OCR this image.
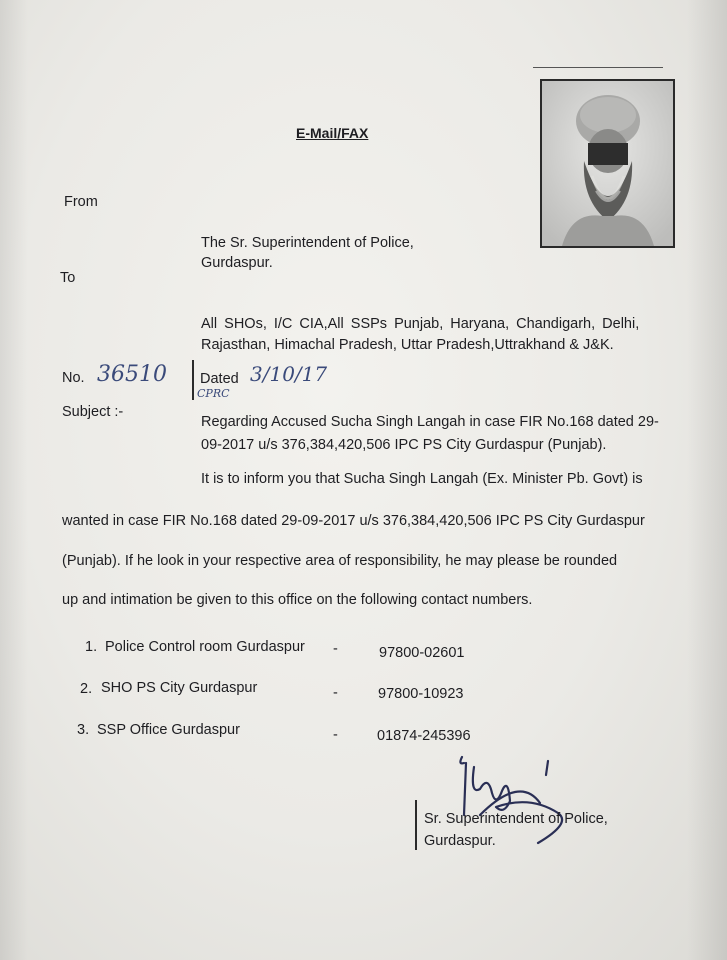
E-Mail/FAX
From
The Sr. Superintendent of Police,
Gurdaspur.
To
All SHOs, I/C CIA,All SSPs Punjab, Haryana, Chandigarh, Delhi,
Rajasthan, Himachal Pradesh, Uttar Pradesh,Uttrakhand & J&K.
No. 36510 Dated 3/10/17
CPRC
Subject :-
Regarding Accused Sucha Singh Langah in case FIR No.168 dated 29-
09-2017 u/s 376,384,420,506 IPC PS City Gurdaspur (Punjab).
It is to inform you that Sucha Singh Langah (Ex. Minister Pb. Govt) is
wanted in case FIR No.168 dated 29-09-2017 u/s 376,384,420,506 IPC PS City Gurdaspur
(Punjab). If he look in your respective area of responsibility, he may please be rounded
up and intimation be given to this office on the following contact numbers.
1. Police Control room Gurdaspur -	97800-02601
2. SHO PS City Gurdaspur	-	97800-10923
3. SSP Office Gurdaspur	-	01874-245396
Sr. Superintendent of Police,
Gurdaspur.
